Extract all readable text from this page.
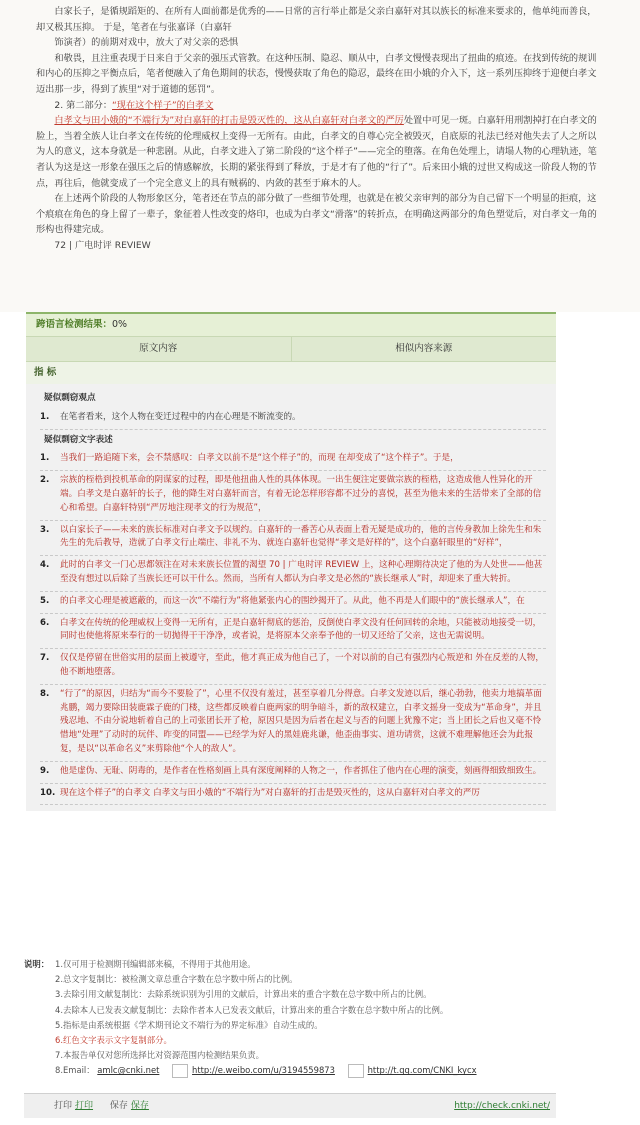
白家长子，是循规蹈矩的、在所有人面前都是优秀的——日常的言行举止都是父亲白嘉轩对其以族长的标准来要求的，他单纯而善良，却又极其压抑。 于是，笔者在与张嘉译（白嘉轩

饰演者）的前期对戏中，放大了对父亲的恐惧

和敬畏，且注重表现于日来自于父亲的强压式管教。在这种压制、隐忍、顺从中，白孝文慢慢表现出了扭曲的痕迹。在找到传统的规训和内心的压抑之平衡点后，笔者便融入了角色期间的状态，慢慢获取了角色的隐忍，最终在田小娥的介入下，这一系列压抑终于迎便白孝文迈出那一步，得到了族里“对于道德的惩罚”。

2. 第二部分：“现在这个样子”的白孝文

白孝文与田小娥的“不端行为”对白嘉轩的打击是毁灭性的，这从白嘉轩对白孝文的严厉处置中可见一斑。白嘉轩用刑割掉打在白孝文的脸上，当着全族人让白孝文在传统的伦理威权上变得一无所有。由此，白孝文的自尊心完全被毁灭，自底原的礼法已经对他失去了人之所以为人的意义，这本身就是一种悲剧。从此，白孝文进入了第二阶段的“这个样子”——完全的堕落。在角色处理上，请塌人物的心理轨迹，笔者认为这是这一形象在强压之后的情感解放，长期的紧张得到了释放，于是才有了他的“行了”。后来田小娥的过世又构成这一阶段人物的节点，再往后，他就变成了一个完全意义上的具有贼祸的、内敛的甚至于麻木的人。

在上述两个阶段的人物形象区分，笔者还在节点的部分做了一些细节处理，也就是在被父亲审判的部分为自己留下一个明显的拒痕，这个痕痕在角色的身上留了一辈子，象征着人性改变的烙印，也成为白孝文“滑落”的转折点，在明确这两部分的角色塑觉后，对白孝文一角的形构也得建完成。

72 | 广电时评 REVIEW

跨语言检测结果：0%
原文内容	相似内容来源
指 标
疑似剽窃观点
1.	在笔者看来，这个人物在变迁过程中的内在心理是不断流变的。
疑似剽窃文字表述
1.	当我们一路追随下来，会不禁感叹：白孝文以前不是“这个样子”的，而现 在却变成了“这个样子”。于是，
2.	宗族的桎梏到投机革命的阴谋家的过程，即是他扭曲人性的具体体现。一出生便注定要做宗族的桎梏，这造成他人性异化的开端。白孝文是白嘉轩的长子，他的降生对白嘉轩而言，有着无论怎样形容都不过分的喜悦，甚至为他未来的生活带来了全部的信心和希望。白嘉轩特别“严厉地注现孝文的行为规范”，
3.	以白家长子——未来的族长标准对白孝文予以规约。白嘉轩的一番苦心从表面上看无疑是成功的，他的言传身教加上徐先生和朱先生的先后教导，造就了白孝文行止端庄、非礼不为、就连白嘉轩也觉得“孝文是好样的”，这个白嘉轩眼里的“好样”，
4.	此时的白孝文一门心思都领注在对未来族长位置的渴望 70 | 广电时评 REVIEW 上，这种心理期待决定了他的为人处世——他甚至没有想过以后除了当族长还可以干什么。然而，当所有人都认为白孝文是必然的“族长继承人”时，却迎来了重大转折。
5.	的白孝文心理是被遮蔽的，而这一次“不端行为”将他紧张内心的围纱揭开了。从此，他不再是人们眼中的“族长继承人”，在
6.	白孝文在传统的伦理威权上变得一无所有，正是白嘉轩彻底的惩治，反倒使白孝文没有任何回转的余地，只能被动地接受一切，同时也使他将原来奉行的一切抛得干干净净，或者说，是将原本父亲奉予他的一切又还给了父亲，这也无需说明。
7.	仅仅是停留在世俗实用的层面上被遵守，至此，他才真正成为他自己了，一个对以前的自己有强烈内心叛逆和 外在反差的人物，他不断地堕落。
8.	“行了”的原因，归结为“而今不要脸了”，心里不仅没有羞过，甚至享着几分得意。白孝文发迹以后，继心勃勃，他卖力地搞革面兆鹏，竭力要除田装鹿霖子鹿的门楼，这些都反映着白鹿两家的明争暗斗，新的敌权建立，白孝文摇身一变成为“革命身”，并且残忍地、不由分说地斩着自己的上司张团长开了枪，原因只是因为后者在起义与否的问题上犹豫不定；当上团长之后也又毫不怜惜地“处理”了动时的玩伴、昨变的同盟——已经学为好人的黑娃鹿兆谦，他歪曲事实、道功请赏，这就不难理解他还会为此报复，是以“以革命名义”来剪除他“个人的敌人”。
9.	他是虚伪、无耻、阴毒的，是作者在性格刻画上具有深度阐释的人物之一，作者抓住了他内在心理的演变，刻画得细致细致生。
10. 现在这个样子”的白孝文 白孝文与田小娥的“不端行为”对白嘉轩的打击是毁灭性的，这从白嘉轩对白孝文的严厉
说明： 1.仅可用于检测期刊编辑部来稿，不得用于其他用途。
2.总文字复制比：被检测文章总重合字数在总字数中所占的比例。
3.去除引用文献复制比：去除系统识别为引用的文献后，计算出来的重合字数在总字数中所占的比例。
4.去除本人已发表文献复制比：去除作者本人已发表文献后，计算出来的重合字数在总字数中所占的比例。
5.指标是由系统根据《学术期刊论文不端行为的界定标准》自动生成的。
6.红色文字表示文字复制部分。
7.本报告单仅对您所选择比对资源范围内检测结果负责。
8.Email： amlc@cnki.net	http://e.weibo.com/u/3194559873	http://t.qq.com/CNKI_kycx
打印 打印 保存 保存	http://check.cnki.net/
